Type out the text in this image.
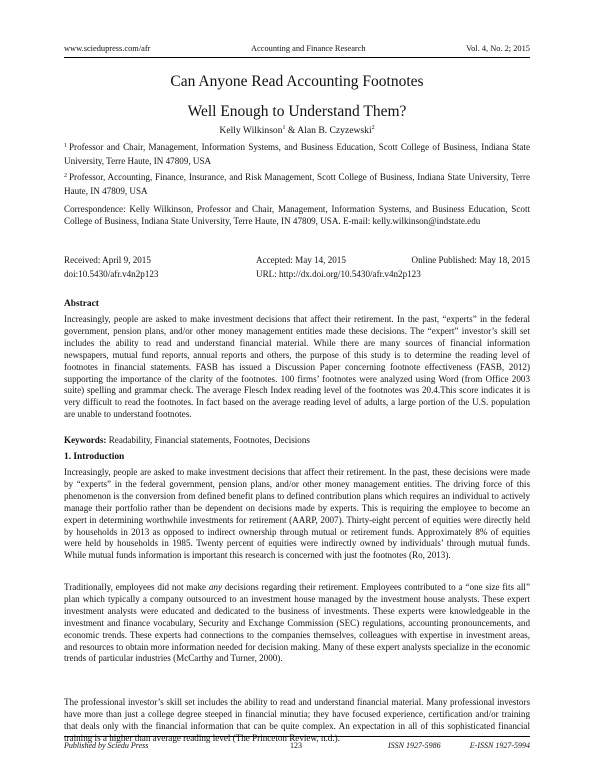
www.sciedupress.com/afr	Accounting and Finance Research	Vol. 4, No. 2; 2015
Can Anyone Read Accounting Footnotes
Well Enough to Understand Them?
Kelly Wilkinson$^1$ & Alan B. Czyzewski$^2$

$^1$ Professor and Chair, Management, Information Systems, and Business Education, Scott College of Business, Indiana State University, Terre Haute, IN 47809, USA

$^2$ Professor, Accounting, Finance, Insurance, and Risk Management, Scott College of Business, Indiana State University, Terre Haute, IN 47809, USA

Correspondence: Kelly Wilkinson, Professor and Chair, Management, Information Systems, and Business Education, Scott College of Business, Indiana State University, Terre Haute, IN 47809, USA. E-mail: kelly.wilkinson@indstate.edu

Received: April 9, 2015	Accepted: May 14, 2015	Online Published: May 18, 2015
doi:10.5430/afr.v4n2p123	URL: http://dx.doi.org/10.5430/afr.v4n2p123
Abstract

Increasingly, people are asked to make investment decisions that affect their retirement. In the past, “experts” in the federal government, pension plans, and/or other money management entities made these decisions. The “expert” investor’s skill set includes the ability to read and understand financial material. While there are many sources of financial information newspapers, mutual fund reports, annual reports and others, the purpose of this study is to determine the reading level of footnotes in financial statements. FASB has issued a Discussion Paper concerning footnote effectiveness (FASB, 2012) supporting the importance of the clarity of the footnotes. 100 firms’ footnotes were analyzed using Word (from Office 2003 suite) spelling and grammar check. The average Flesch Index reading level of the footnotes was 20.4.This score indicates it is very difficult to read the footnotes. In fact based on the average reading level of adults, a large portion of the U.S. population are unable to understand footnotes.

Keywords: Readability, Financial statements, Footnotes, Decisions

1. Introduction

Increasingly, people are asked to make investment decisions that affect their retirement. In the past, these decisions were made by “experts” in the federal government, pension plans, and/or other money management entities. The driving force of this phenomenon is the conversion from defined benefit plans to defined contribution plans which requires an individual to actively manage their portfolio rather than be dependent on decisions made by experts. This is requiring the employee to become an expert in determining worthwhile investments for retirement (AARP, 2007). Thirty-eight percent of equities were directly held by households in 2013 as opposed to indirect ownership through mutual or retirement funds. Approximately 8% of equities were held by households in 1985. Twenty percent of equities were indirectly owned by individuals’ through mutual funds. While mutual funds information is important this research is concerned with just the footnotes (Ro, 2013).

Traditionally, employees did not make any decisions regarding their retirement. Employees contributed to a “one size fits all” plan which typically a company outsourced to an investment house managed by the investment house analysts. These expert investment analysts were educated and dedicated to the business of investments. These experts were knowledgeable in the investment and finance vocabulary, Security and Exchange Commission (SEC) regulations, accounting pronouncements, and economic trends. These experts had connections to the companies themselves, colleagues with expertise in investment areas, and resources to obtain more information needed for decision making. Many of these expert analysts specialize in the economic trends of particular industries (McCarthy and Turner, 2000).

The professional investor’s skill set includes the ability to read and understand financial material. Many professional investors have more than just a college degree steeped in financial minutia; they have focused experience, certification and/or training that deals only with the financial information that can be quite complex. An expectation in all of this sophisticated financial training is a higher than average reading level (The Princeton Review, n.d.).

Published by Sciedu Press	123	ISSN 1927-5986	E-ISSN 1927-5994
